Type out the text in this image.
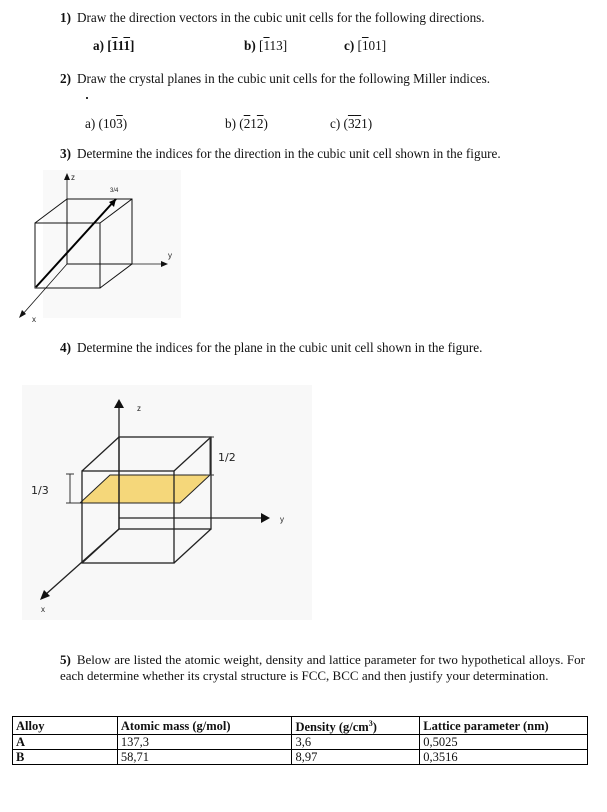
1) Draw the direction vectors in the cubic unit cells for the following directions.
a) [111]	b) [113]	c) [101]
2) Draw the crystal planes in the cubic unit cells for the following Miller indices.
a) (103)	b) (212)	c) (321)
3) Determine the indices for the direction in the cubic unit cell shown in the figure.
3/4
z
y
x
4) Determine the indices for the plane in the cubic unit cell shown in the figure.
1/2
1/3
z
y
x
5) Below are listed the atomic weight, density and lattice parameter for two hypothetical alloys. For each determine whether its crystal structure is FCC, BCC and then justify your determination.
Alloy	Atomic mass (g/mol)	Density $(g/cm^3)$	Lattice parameter (nm)
A	137,3	3,6	0,5025
B	58,71	8,97	0,3516
